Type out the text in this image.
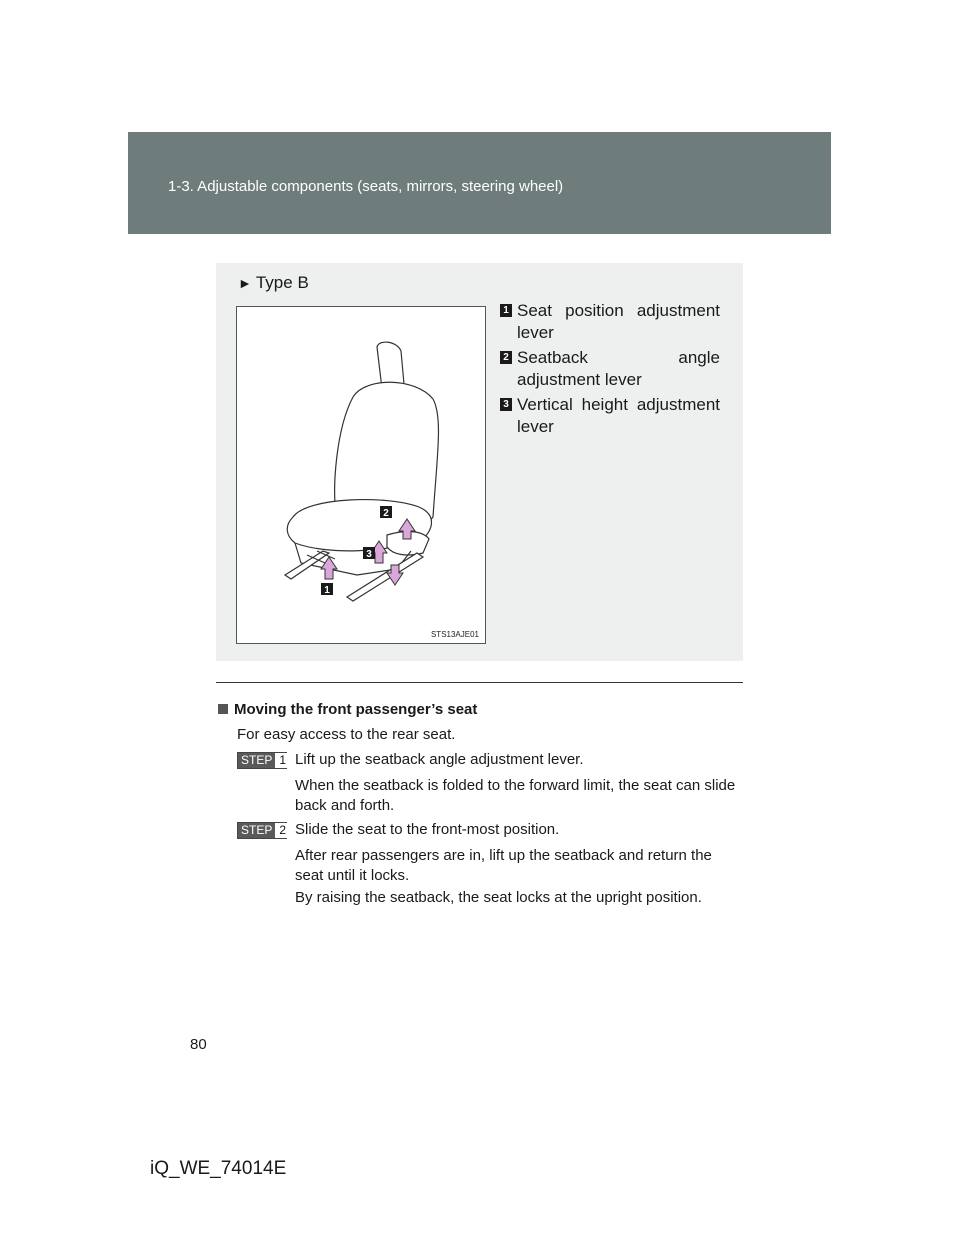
1-3. Adjustable components (seats, mirrors, steering wheel)
► Type B
2
3
1
STS13AJE01
1 Seat position adjustment lever
2 Seatback angle adjustment lever
3 Vertical height adjustment lever
Moving the front passenger’s seat
For easy access to the rear seat.
STEP 1 Lift up the seatback angle adjustment lever.
When the seatback is folded to the forward limit, the seat can slide back and forth.
STEP 2 Slide the seat to the front-most position.
After rear passengers are in, lift up the seatback and return the seat until it locks.
By raising the seatback, the seat locks at the upright position.
80
iQ_WE_74014E
